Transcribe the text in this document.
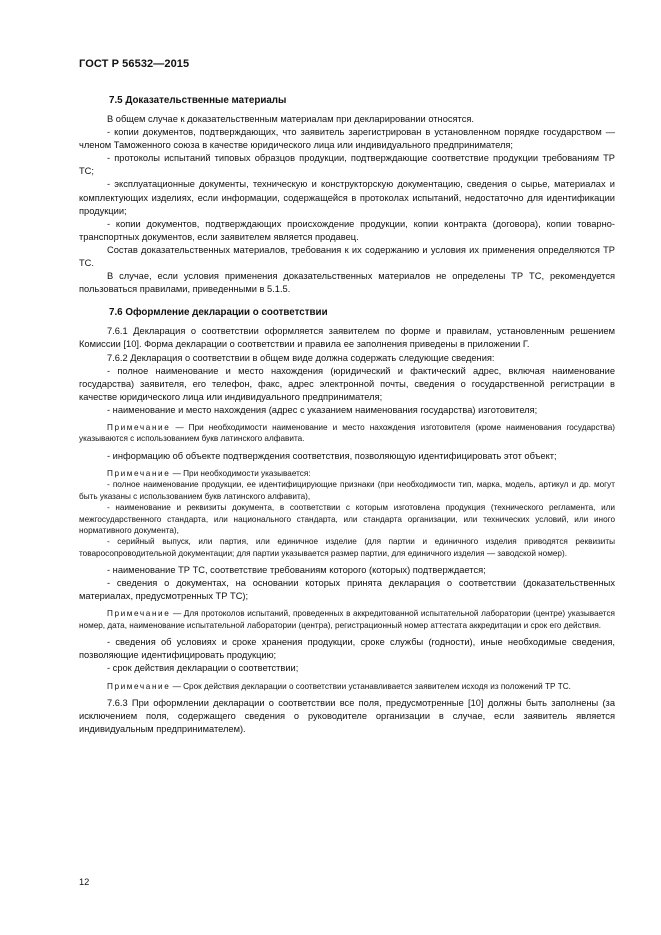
ГОСТ Р 56532—2015
7.5 Доказательственные материалы

В общем случае к доказательственным материалам при декларировании относятся.

- копии документов, подтверждающих, что заявитель зарегистрирован в установленном порядке государством — членом Таможенного союза в качестве юридического лица или индивидуального предпринимателя;

- протоколы испытаний типовых образцов продукции, подтверждающие соответствие продукции требованиям ТР ТС;

- эксплуатационные документы, техническую и конструкторскую документацию, сведения о сырье, материалах и комплектующих изделиях, если информации, содержащейся в протоколах испытаний, недостаточно для идентификации продукции;

- копии документов, подтверждающих происхождение продукции, копии контракта (договора), копии товарно-транспортных документов, если заявителем является продавец.

Состав доказательственных материалов, требования к их содержанию и условия их применения определяются ТР ТС.

В случае, если условия применения доказательственных материалов не определены ТР ТС, рекомендуется пользоваться правилами, приведенными в 5.1.5.

7.6 Оформление декларации о соответствии

7.6.1 Декларация о соответствии оформляется заявителем по форме и правилам, установленным решением Комиссии [10]. Форма декларации о соответствии и правила ее заполнения приведены в приложении Г.

7.6.2 Декларация о соответствии в общем виде должна содержать следующие сведения:

- полное наименование и место нахождения (юридический и фактический адрес, включая наименование государства) заявителя, его телефон, факс, адрес электронной почты, сведения о государственной регистрации в качестве юридического лица или индивидуального предпринимателя;

- наименование и место нахождения (адрес с указанием наименования государства) изготовителя;

Примечание — При необходимости наименование и место нахождения изготовителя (кроме наименования государства) указываются с использованием букв латинского алфавита.

- информацию об объекте подтверждения соответствия, позволяющую идентифицировать этот объект;

Примечание — При необходимости указывается:

- полное наименование продукции, ее идентифицирующие признаки (при необходимости тип, марка, модель, артикул и др. могут быть указаны с использованием букв латинского алфавита),

- наименование и реквизиты документа, в соответствии с которым изготовлена продукция (технического регламента, или межгосударственного стандарта, или национального стандарта, или стандарта организации, или технических условий, или иного нормативного документа),

- серийный выпуск, или партия, или единичное изделие (для партии и единичного изделия приводятся реквизиты товаросопроводительной документации; для партии указывается размер партии, для единичного изделия — заводской номер).

- наименование ТР ТС, соответствие требованиям которого (которых) подтверждается;

- сведения о документах, на основании которых принята декларация о соответствии (доказательственных материалах, предусмотренных ТР ТС);

Примечание — Для протоколов испытаний, проведенных в аккредитованной испытательной лаборатории (центре) указывается номер, дата, наименование испытательной лаборатории (центра), регистрационный номер аттестата аккредитации и срок его действия.

- сведения об условиях и сроке хранения продукции, сроке службы (годности), иные необходимые сведения, позволяющие идентифицировать продукцию;

- срок действия декларации о соответствии;

Примечание — Срок действия декларации о соответствии устанавливается заявителем исходя из положений ТР ТС.

7.6.3 При оформлении декларации о соответствии все поля, предусмотренные [10] должны быть заполнены (за исключением поля, содержащего сведения о руководителе организации в случае, если заявитель является индивидуальным предпринимателем).

12
